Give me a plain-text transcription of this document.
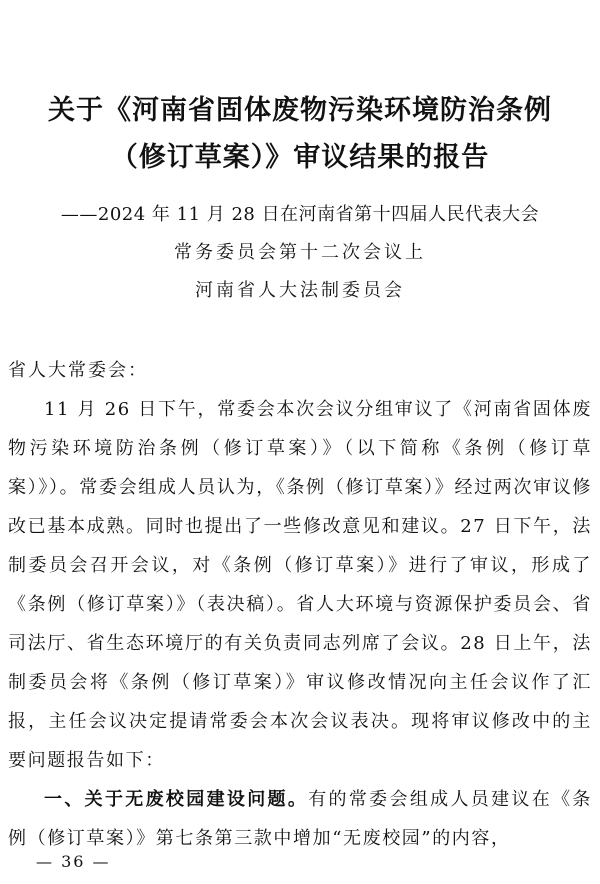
关于《河南省固体废物污染环境防治条例
（修订草案）》审议结果的报告
——2024 年 11 月 28 日在河南省第十四届人民代表大会
常务委员会第十二次会议上
河南省人大法制委员会
省人大常委会：
11 月 26 日下午，常委会本次会议分组审议了《河南省固体废物污染环境防治条例（修订草案）》（以下简称《条例（修订草案）》）。常委会组成人员认为，《条例（修订草案）》经过两次审议修改已基本成熟。同时也提出了一些修改意见和建议。27 日下午，法制委员会召开会议，对《条例（修订草案）》进行了审议，形成了《条例（修订草案）》（表决稿）。省人大环境与资源保护委员会、省司法厅、省生态环境厅的有关负责同志列席了会议。28 日上午，法制委员会将《条例（修订草案）》审议修改情况向主任会议作了汇报，主任会议决定提请常委会本次会议表决。现将审议修改中的主要问题报告如下：
一、关于无废校园建设问题。有的常委会组成人员建议在《条例（修订草案）》第七条第三款中增加“无废校园”的内容，
— 36 —
